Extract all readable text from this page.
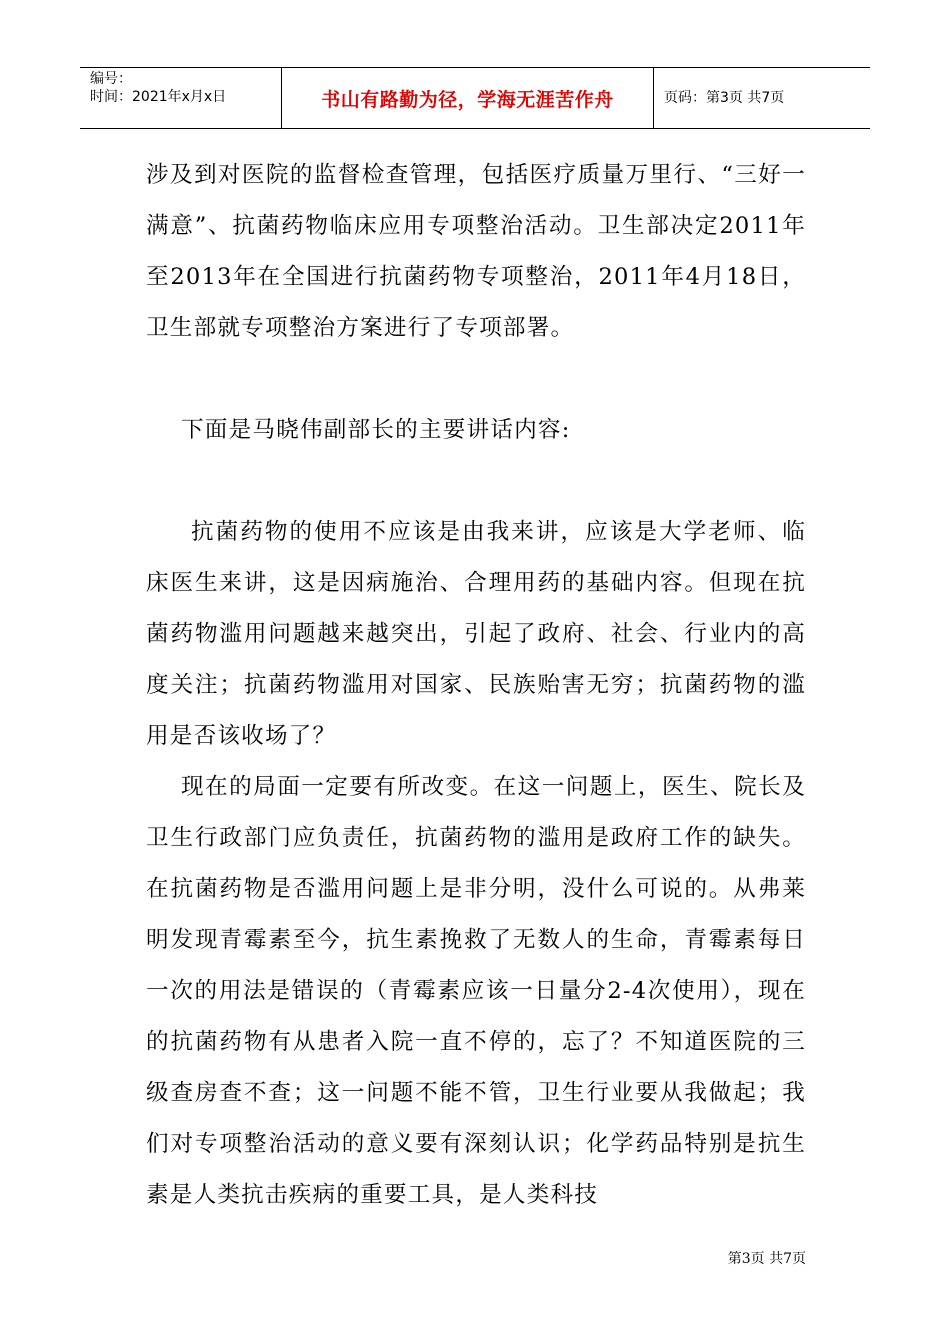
编号：
时间：2021年x月x日	书山有路勤为径，学海无涯苦作舟	页码：第3页 共7页

涉及到对医院的监督检查管理，包括医疗质量万里行、“三好一满意”、抗菌药物临床应用专项整治活动。卫生部决定2011年至2013年在全国进行抗菌药物专项整治，2011年4月18日，卫生部就专项整治方案进行了专项部署。

下面是马晓伟副部长的主要讲话内容:

抗菌药物的使用不应该是由我来讲，应该是大学老师、临床医生来讲，这是因病施治、合理用药的基础内容。但现在抗菌药物滥用问题越来越突出，引起了政府、社会、行业内的高度关注；抗菌药物滥用对国家、民族贻害无穷；抗菌药物的滥用是否该收场了？

现在的局面一定要有所改变。在这一问题上，医生、院长及卫生行政部门应负责任，抗菌药物的滥用是政府工作的缺失。在抗菌药物是否滥用问题上是非分明，没什么可说的。从弗莱明发现青霉素至今，抗生素挽救了无数人的生命，青霉素每日一次的用法是错误的（青霉素应该一日量分2-4次使用），现在的抗菌药物有从患者入院一直不停的，忘了？不知道医院的三级查房查不查；这一问题不能不管，卫生行业要从我做起；我们对专项整治活动的意义要有深刻认识；化学药品特别是抗生素是人类抗击疾病的重要工具，是人类科技

第3页 共7页
